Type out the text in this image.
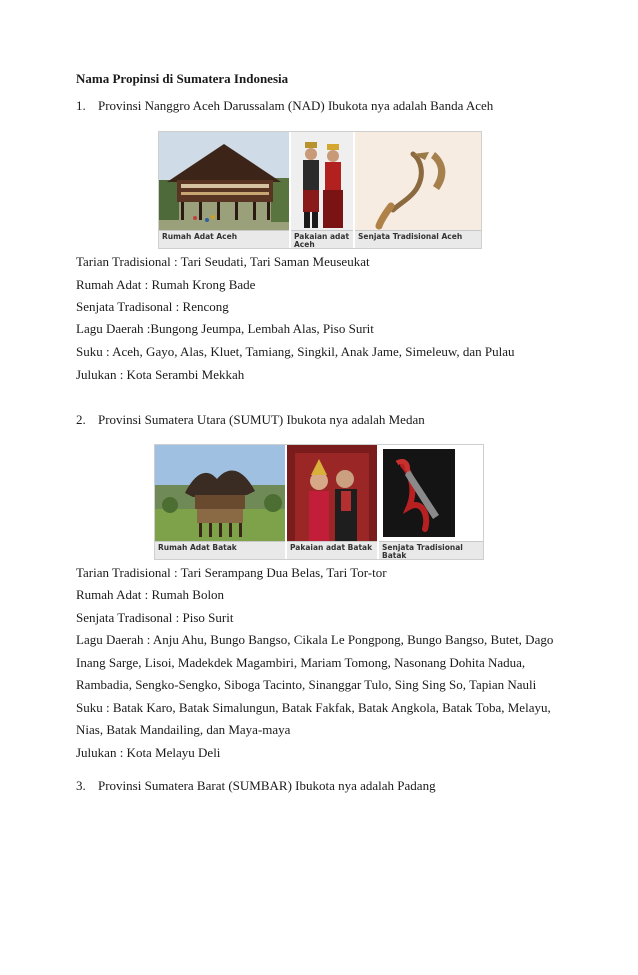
Nama Propinsi di Sumatera Indonesia
1. Provinsi Nanggro Aceh Darussalam (NAD) Ibukota nya adalah Banda Aceh
Rumah Adat Aceh	Pakaian adat Aceh
Senjata Tradisional Aceh
Tarian Tradisional : Tari Seudati, Tari Saman Meuseukat
Rumah Adat : Rumah Krong Bade
Senjata Tradisonal : Rencong
Lagu Daerah :Bungong Jeumpa, Lembah Alas, Piso Surit
Suku : Aceh, Gayo, Alas, Kluet, Tamiang, Singkil, Anak Jame, Simeleuw, dan Pulau
Julukan : Kota Serambi Mekkah
2. Provinsi Sumatera Utara (SUMUT) Ibukota nya adalah Medan
Rumah Adat Batak	Pakaian adat Batak	Senjata Tradisional Batak
Tarian Tradisional : Tari Serampang Dua Belas, Tari Tor-tor
Rumah Adat : Rumah Bolon
Senjata Tradisonal : Piso Surit
Lagu Daerah : Anju Ahu, Bungo Bangso, Cikala Le Pongpong, Bungo Bangso, Butet, Dago
Inang Sarge, Lisoi, Madekdek Magambiri, Mariam Tomong, Nasonang Dohita Nadua,
Rambadia, Sengko-Sengko, Siboga Tacinto, Sinanggar Tulo, Sing Sing So, Tapian Nauli
Suku : Batak Karo, Batak Simalungun, Batak Fakfak, Batak Angkola, Batak Toba, Melayu,
Nias, Batak Mandailing, dan Maya-maya
Julukan : Kota Melayu Deli
3. Provinsi Sumatera Barat (SUMBAR) Ibukota nya adalah Padang
